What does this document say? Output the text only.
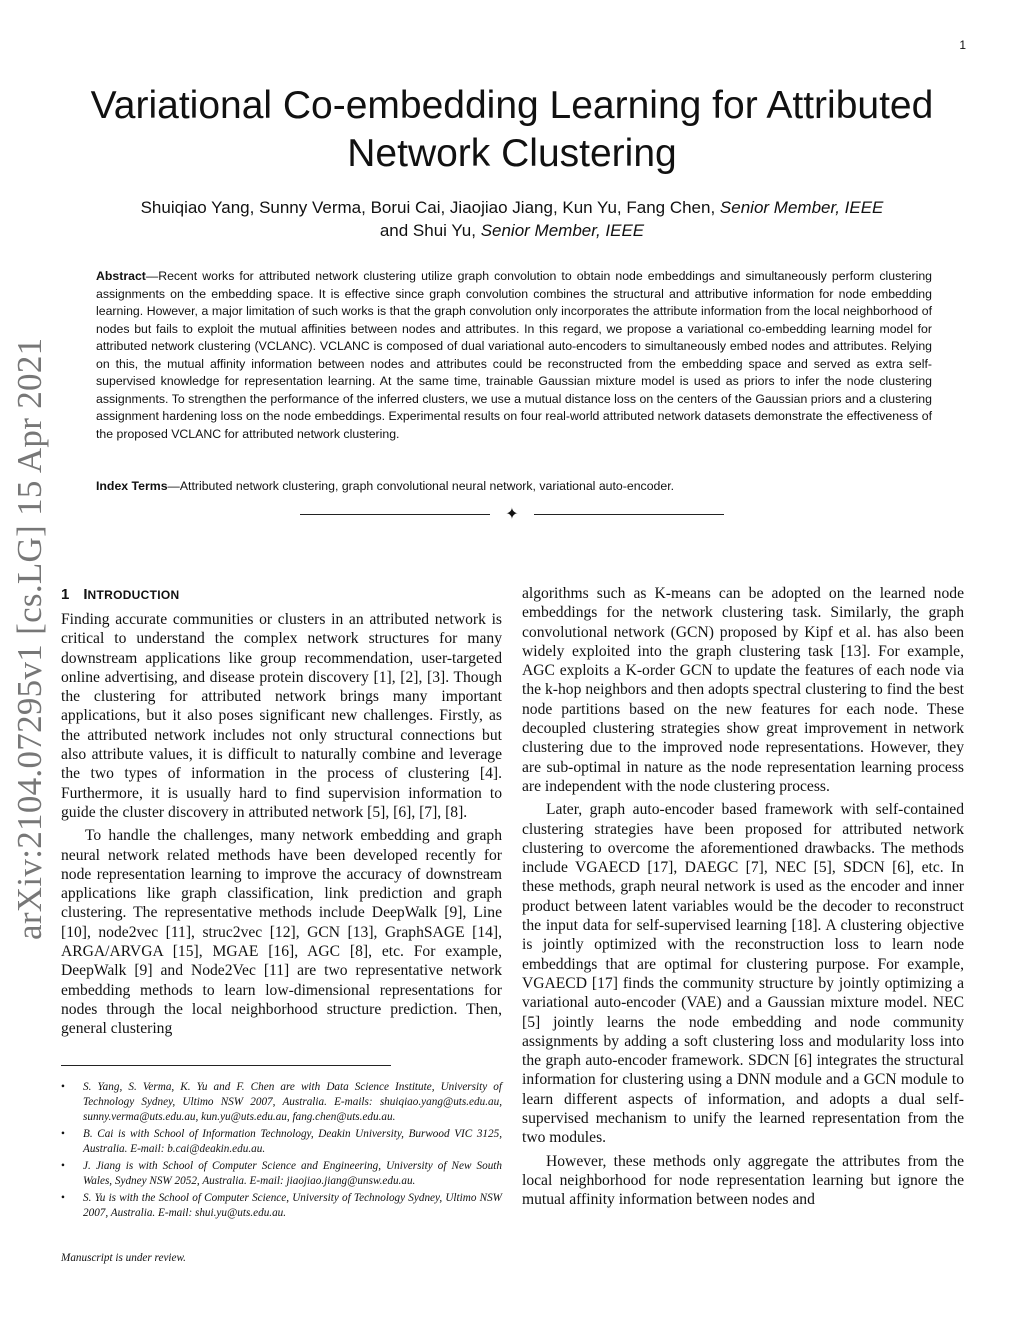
1
arXiv:2104.07295v1 [cs.LG] 15 Apr 2021
Variational Co-embedding Learning for Attributed Network Clustering
Shuiqiao Yang, Sunny Verma, Borui Cai, Jiaojiao Jiang, Kun Yu, Fang Chen, Senior Member, IEEE
and Shui Yu, Senior Member, IEEE
Abstract—Recent works for attributed network clustering utilize graph convolution to obtain node embeddings and simultaneously perform clustering assignments on the embedding space. It is effective since graph convolution combines the structural and attributive information for node embedding learning. However, a major limitation of such works is that the graph convolution only incorporates the attribute information from the local neighborhood of nodes but fails to exploit the mutual affinities between nodes and attributes. In this regard, we propose a variational co-embedding learning model for attributed network clustering (VCLANC). VCLANC is composed of dual variational auto-encoders to simultaneously embed nodes and attributes. Relying on this, the mutual affinity information between nodes and attributes could be reconstructed from the embedding space and served as extra self-supervised knowledge for representation learning. At the same time, trainable Gaussian mixture model is used as priors to infer the node clustering assignments. To strengthen the performance of the inferred clusters, we use a mutual distance loss on the centers of the Gaussian priors and a clustering assignment hardening loss on the node embeddings. Experimental results on four real-world attributed network datasets demonstrate the effectiveness of the proposed VCLANC for attributed network clustering.
Index Terms—Attributed network clustering, graph convolutional neural network, variational auto-encoder.
✦
1 INTRODUCTION

Finding accurate communities or clusters in an attributed network is critical to understand the complex network structures for many downstream applications like group recommendation, user-targeted online advertising, and disease protein discovery [1], [2], [3]. Though the clustering for attributed network brings many important applications, but it also poses significant new challenges. Firstly, as the attributed network includes not only structural connections but also attribute values, it is difficult to naturally combine and leverage the two types of information in the process of clustering [4]. Furthermore, it is usually hard to find supervision information to guide the cluster discovery in attributed network [5], [6], [7], [8].

To handle the challenges, many network embedding and graph neural network related methods have been developed recently for node representation learning to improve the accuracy of downstream applications like graph classification, link prediction and graph clustering. The representative methods include DeepWalk [9], Line [10], node2vec [11], struc2vec [12], GCN [13], GraphSAGE [14], ARGA/ARVGA [15], MGAE [16], AGC [8], etc. For example, DeepWalk [9] and Node2Vec [11] are two representative network embedding methods to learn low-dimensional representations for nodes through the local neighborhood structure prediction. Then, general clustering

algorithms such as K-means can be adopted on the learned node embeddings for the network clustering task. Similarly, the graph convolutional network (GCN) proposed by Kipf et al. has also been widely exploited into the graph clustering task [13]. For example, AGC exploits a K-order GCN to update the features of each node via the k-hop neighbors and then adopts spectral clustering to find the best node partitions based on the new features for each node. These decoupled clustering strategies show great improvement in network clustering due to the improved node representations. However, they are sub-optimal in nature as the node representation learning process are independent with the node clustering process.

Later, graph auto-encoder based framework with self-contained clustering strategies have been proposed for attributed network clustering to overcome the aforementioned drawbacks. The methods include VGAECD [17], DAEGC [7], NEC [5], SDCN [6], etc. In these methods, graph neural network is used as the encoder and inner product between latent variables would be the decoder to reconstruct the input data for self-supervised learning [18]. A clustering objective is jointly optimized with the reconstruction loss to learn node embeddings that are optimal for clustering purpose. For example, VGAECD [17] finds the community structure by jointly optimizing a variational auto-encoder (VAE) and a Gaussian mixture model. NEC [5] jointly learns the node embedding and node community assignments by adding a soft clustering loss and modularity loss into the graph auto-encoder framework. SDCN [6] integrates the structural information for clustering using a DNN module and a GCN module to learn different aspects of information, and adopts a dual self-supervised mechanism to unify the learned representation from the two modules.

However, these methods only aggregate the attributes from the local neighborhood for node representation learning but ignore the mutual affinity information between nodes and

• S. Yang, S. Verma, K. Yu and F. Chen are with Data Science Institute, University of Technology Sydney, Ultimo NSW 2007, Australia. E-mails: shuiqiao.yang@uts.edu.au, sunny.verma@uts.edu.au, kun.yu@uts.edu.au, fang.chen@uts.edu.au.
• B. Cai is with School of Information Technology, Deakin University, Burwood VIC 3125, Australia. E-mail: b.cai@deakin.edu.au.
• J. Jiang is with School of Computer Science and Engineering, University of New South Wales, Sydney NSW 2052, Australia. E-mail: jiaojiao.jiang@unsw.edu.au.
• S. Yu is with the School of Computer Science, University of Technology Sydney, Ultimo NSW 2007, Australia. E-mail: shui.yu@uts.edu.au.
Manuscript is under review.
